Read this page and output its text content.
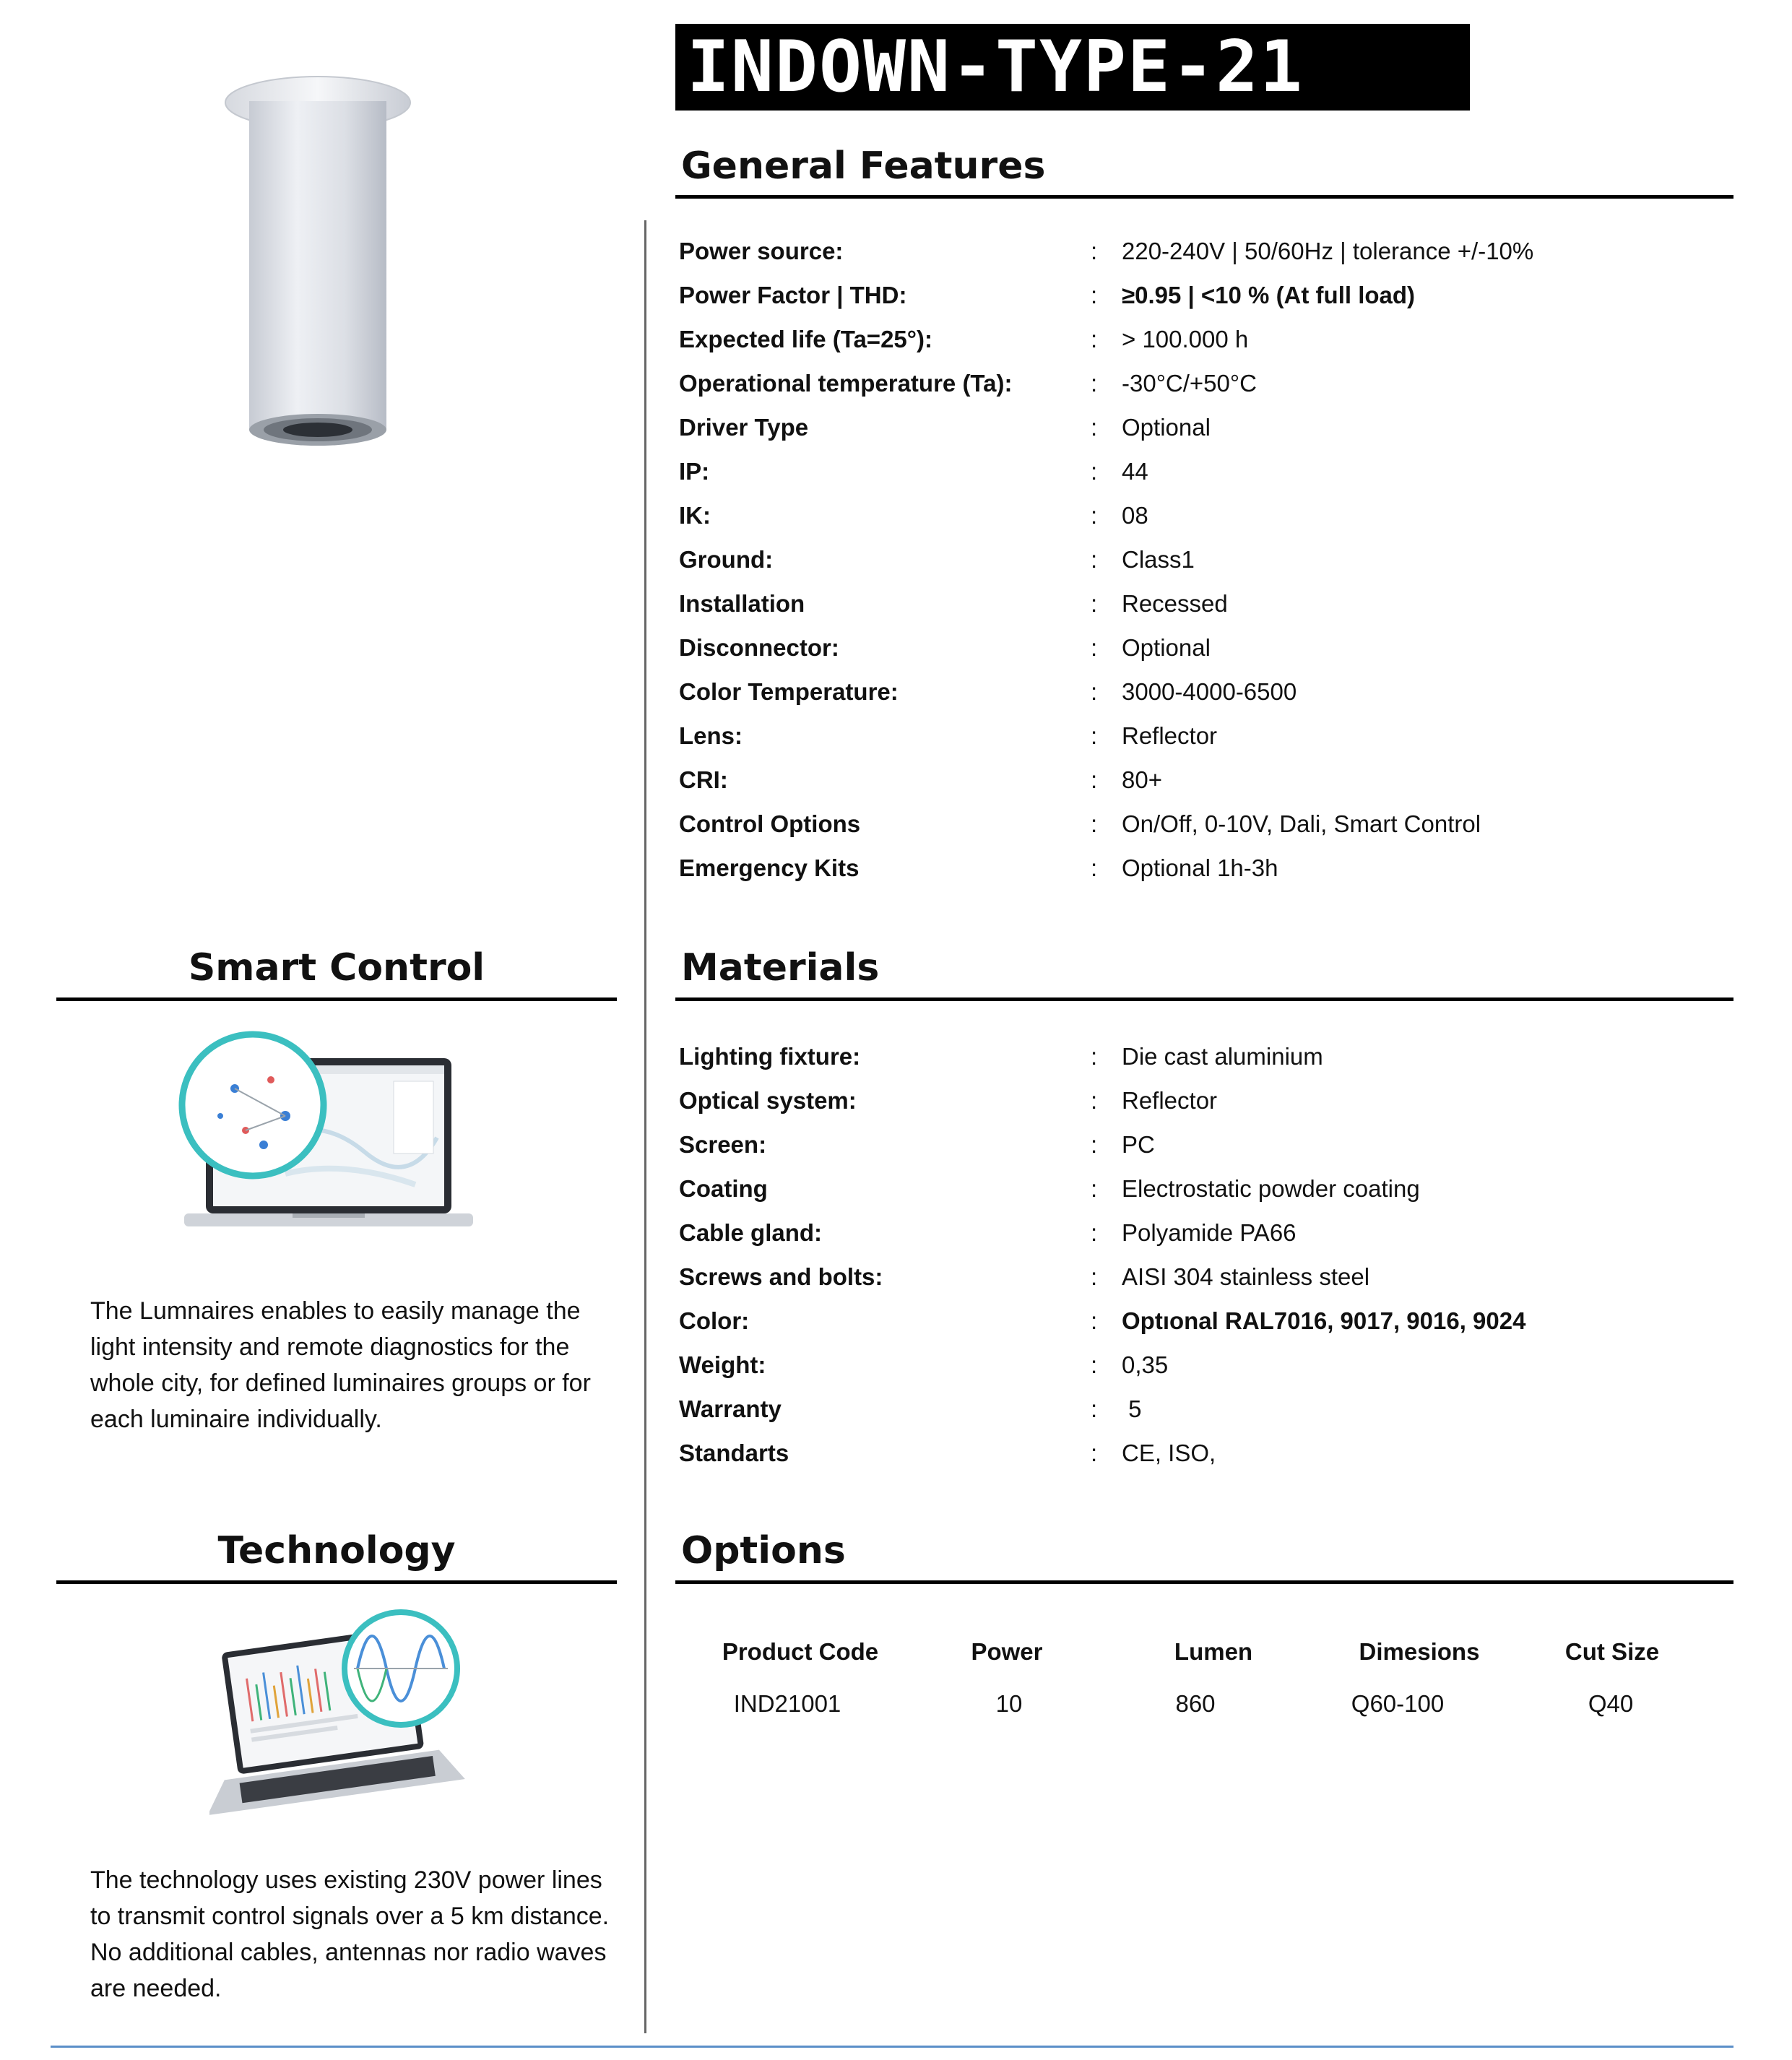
INDOWN-TYPE-21
General Features
Power source:	: 220-240V | 50/60Hz | tolerance +/-10%
Power Factor | THD:	: ≥0.95 | <10 % (At full load)
Expected life (Ta=25°):	: > 100.000 h
Operational temperature (Ta):	: -30°C/+50°C
Driver Type	: Optional
IP:	: 44
IK:	: 08
Ground:	: Class1
Installation	: Recessed
Disconnector:	: Optional
Color Temperature:	: 3000-4000-6500
Lens:	: Reflector
CRI:	: 80+
Control Options	: On/Off, 0-10V, Dali, Smart Control
Emergency Kits	: Optional 1h-3h
Smart Control
The Lumnaires enables to easily manage the light intensity and remote diagnostics for the whole city, for defined luminaires groups or for each luminaire individually.
Materials
Lighting fixture:	: Die cast aluminium
Optical system:	: Reflector
Screen:	: PC
Coating	: Electrostatic powder coating
Cable gland:	: Polyamide PA66
Screws and bolts:	: AISI 304 stainless steel
Color:	: Optıonal RAL7016, 9017, 9016, 9024
Weight:	: 0,35
Warranty	: 5
Standarts	: CE, ISO,
Technology
The technology uses existing 230V power lines to transmit control signals over a 5 km distance. No additional cables, antennas nor radio waves are needed.
Options
Product Code	Power	Lumen	Dimesions	Cut Size
IND21001	10	860	Q60-100	Q40
